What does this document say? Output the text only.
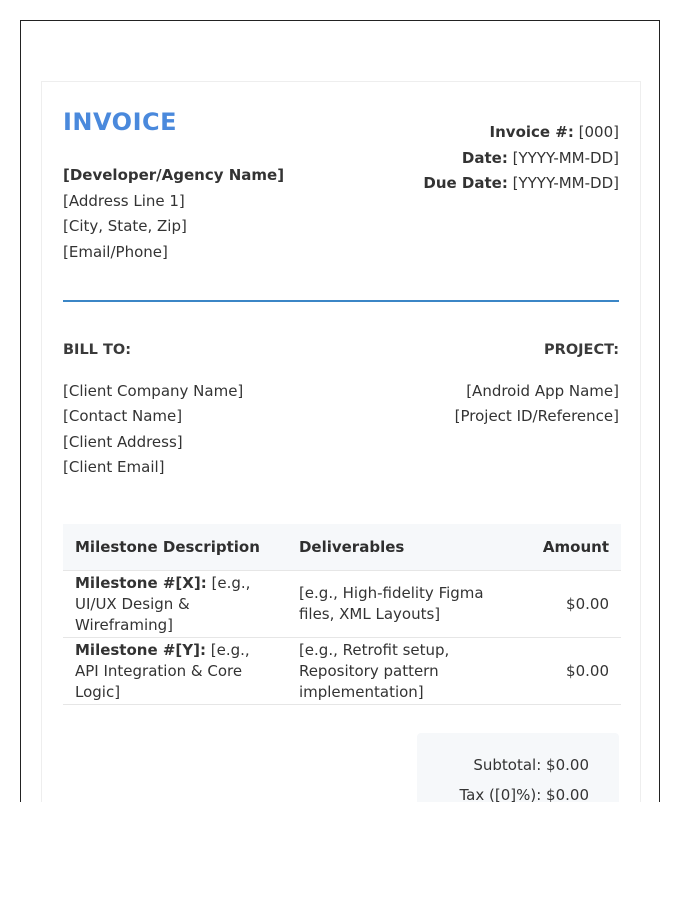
INVOICE
[Developer/Agency Name]
[Address Line 1]
[City, State, Zip]
[Email/Phone]
Invoice #: [000]
Date: [YYYY-MM-DD]
Due Date: [YYYY-MM-DD]
BILL TO:
[Client Company Name]
[Contact Name]
[Client Address]
[Client Email]
PROJECT:
[Android App Name]
[Project ID/Reference]
Milestone Description	Deliverables	Amount
Milestone #[X]: [e.g., UI/UX Design & Wireframing]	[e.g., High-fidelity Figma files, XML Layouts]	$0.00
Milestone #[Y]: [e.g., API Integration & Core Logic]	[e.g., Retrofit setup, Repository pattern implementation]	$0.00
Subtotal: $0.00
Tax ([0]%): $0.00
